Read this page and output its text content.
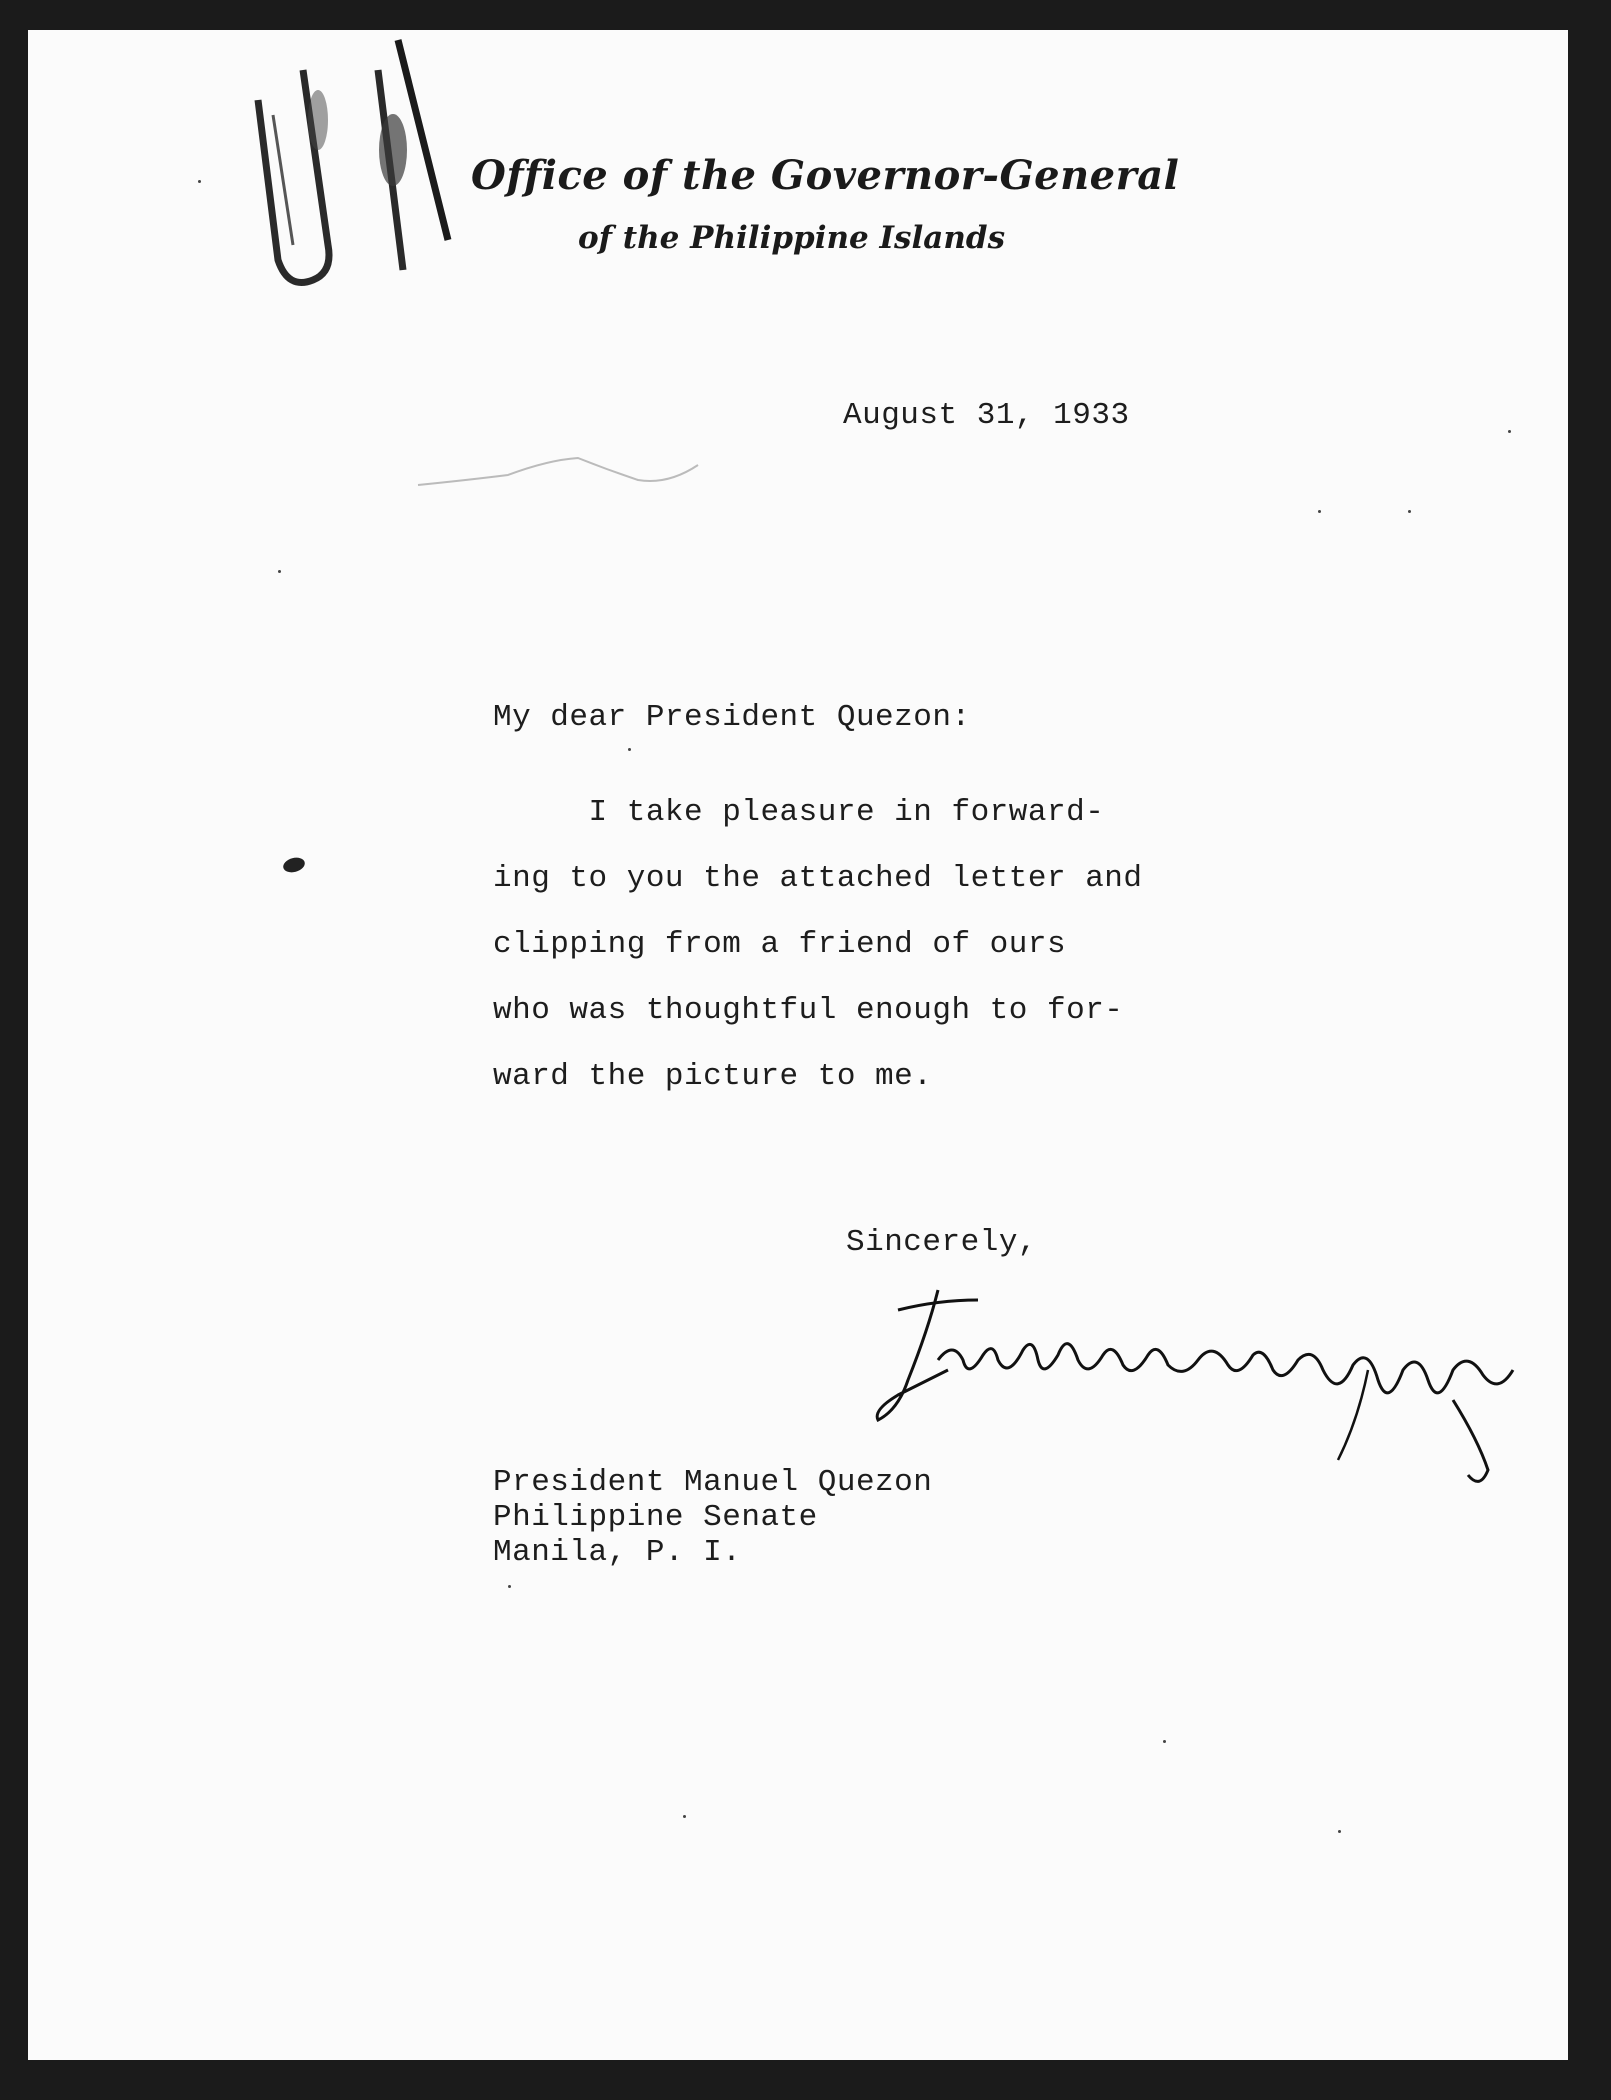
Office of the Governor-General
of the Philippine Islands
August 31, 1933
My dear President Quezon:
I take pleasure in forward-
ing to you the attached letter and
clipping from a friend of ours
who was thoughtful enough to for-
ward the picture to me.
Sincerely,
President Manuel Quezon
Philippine Senate
Manila, P. I.
